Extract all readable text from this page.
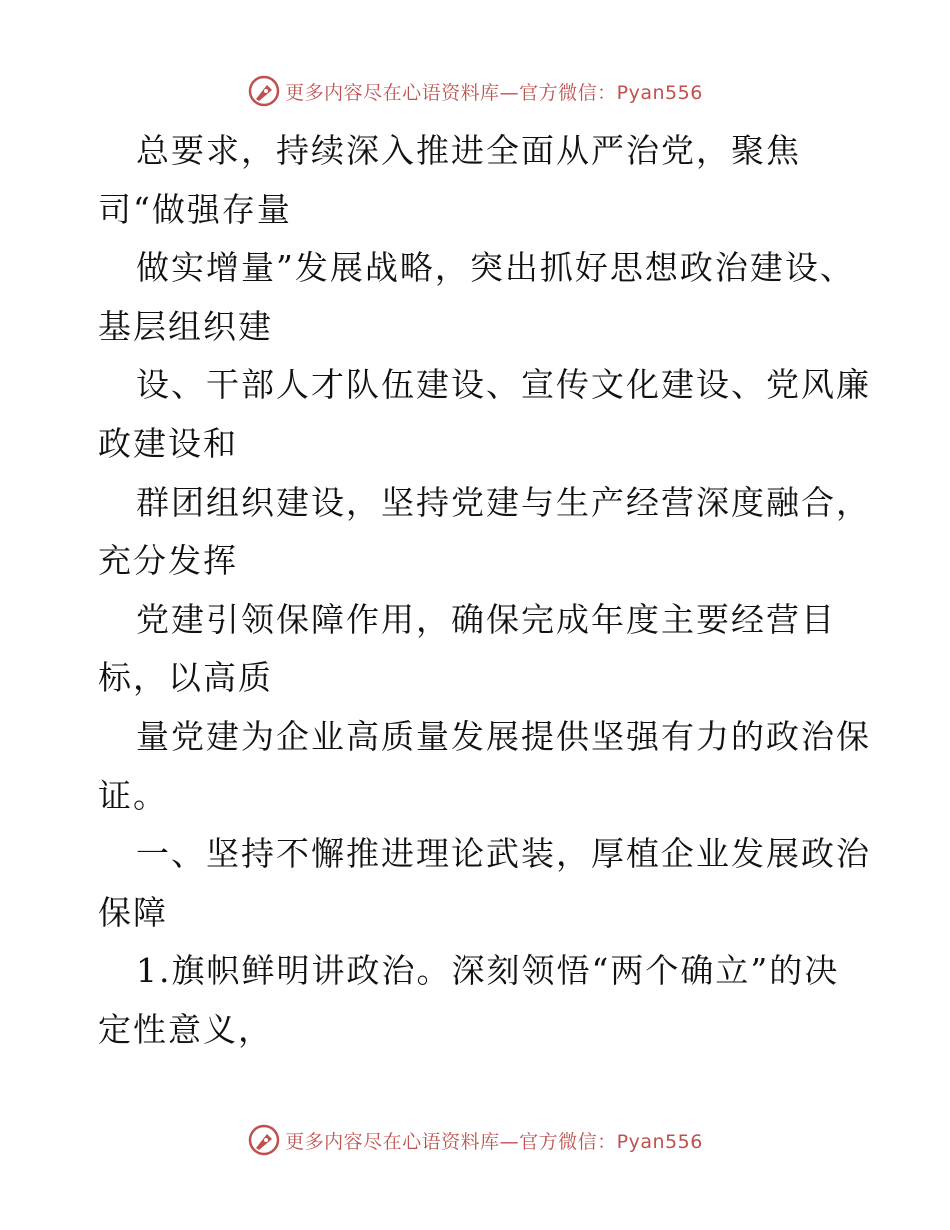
更多内容尽在心语资料库—官方微信：Pyan556
总要求，持续深入推进全面从严治党，聚焦
司“做强存量
做实增量”发展战略，突出抓好思想政治建设、
基层组织建
设、干部人才队伍建设、宣传文化建设、党风廉
政建设和
群团组织建设，坚持党建与生产经营深度融合，
充分发挥
党建引领保障作用，确保完成年度主要经营目
标，以高质
量党建为企业高质量发展提供坚强有力的政治保
证。
一、坚持不懈推进理论武装，厚植企业发展政治
保障
1.旗帜鲜明讲政治。深刻领悟“两个确立”的决
定性意义，
更多内容尽在心语资料库—官方微信：Pyan556
